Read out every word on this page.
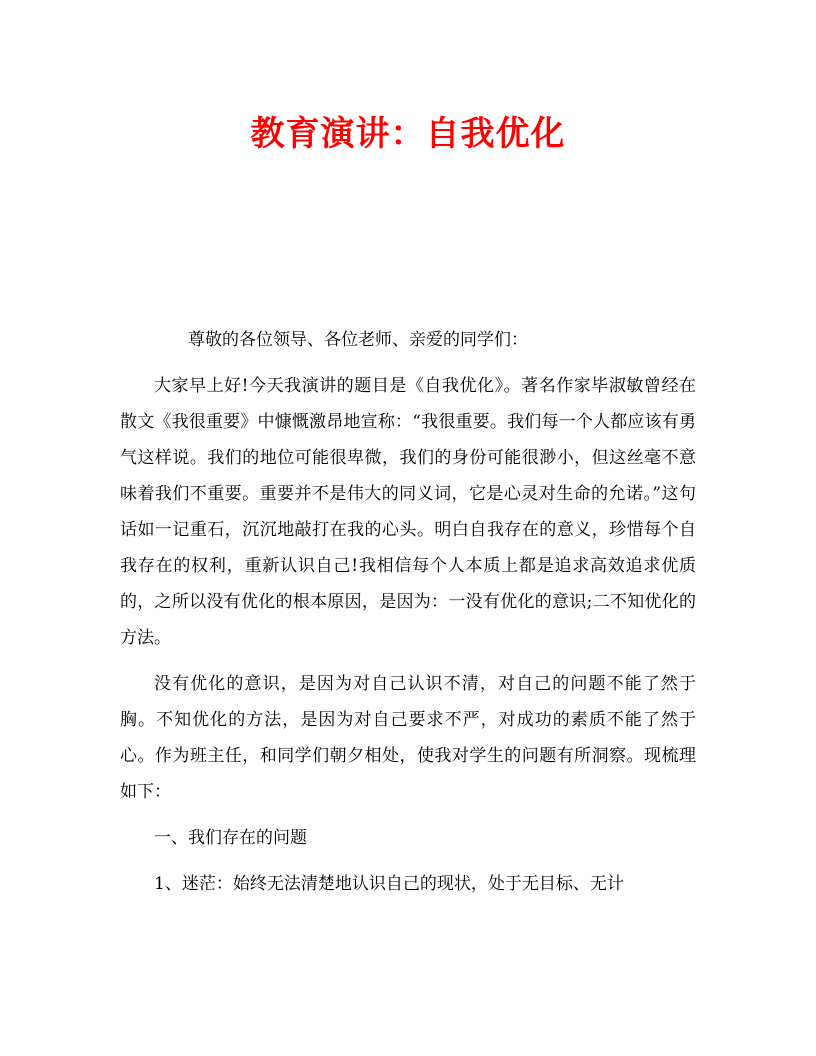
教育演讲：自我优化

尊敬的各位领导、各位老师、亲爱的同学们：

大家早上好!今天我演讲的题目是《自我优化》。著名作家毕淑敏曾经在散文《我很重要》中慷慨激昂地宣称：“我很重要。我们每一个人都应该有勇气这样说。我们的地位可能很卑微，我们的身份可能很渺小，但这丝毫不意味着我们不重要。重要并不是伟大的同义词，它是心灵对生命的允诺。”这句话如一记重石，沉沉地敲打在我的心头。明白自我存在的意义，珍惜每个自我存在的权利，重新认识自己!我相信每个人本质上都是追求高效追求优质的，之所以没有优化的根本原因，是因为：一没有优化的意识;二不知优化的方法。

没有优化的意识，是因为对自己认识不清，对自己的问题不能了然于胸。不知优化的方法，是因为对自己要求不严，对成功的素质不能了然于心。作为班主任，和同学们朝夕相处，使我对学生的问题有所洞察。现梳理如下：

一、我们存在的问题

1、迷茫：始终无法清楚地认识自己的现状，处于无目标、无计
